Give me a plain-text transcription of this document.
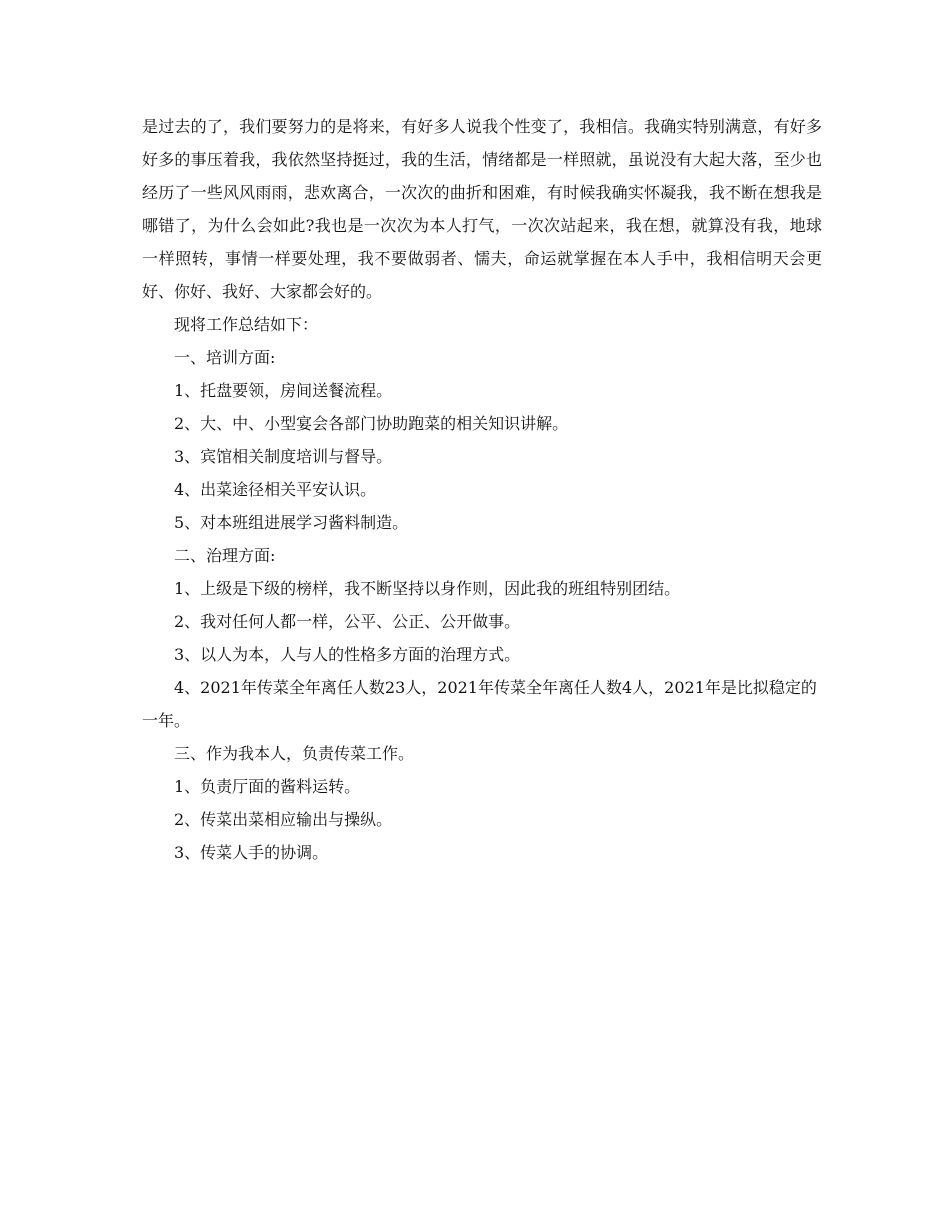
是过去的了，我们要努力的是将来，有好多人说我个性变了，我相信。我确实特别满意，有好多好多的事压着我，我依然坚持挺过，我的生活，情绪都是一样照就，虽说没有大起大落，至少也经历了一些风风雨雨，悲欢离合，一次次的曲折和困难，有时候我确实怀凝我，我不断在想我是哪错了，为什么会如此?我也是一次次为本人打气，一次次站起来，我在想，就算没有我，地球一样照转，事情一样要处理，我不要做弱者、懦夫，命运就掌握在本人手中，我相信明天会更好、你好、我好、大家都会好的。

现将工作总结如下：

一、培训方面:

1、托盘要领，房间送餐流程。

2、大、中、小型宴会各部门协助跑菜的相关知识讲解。

3、宾馆相关制度培训与督导。

4、出菜途径相关平安认识。

5、对本班组进展学习酱料制造。

二、治理方面:

1、上级是下级的榜样，我不断坚持以身作则，因此我的班组特别团结。

2、我对任何人都一样，公平、公正、公开做事。

3、以人为本，人与人的性格多方面的治理方式。

4、2021年传菜全年离任人数23人，2021年传菜全年离任人数4人，2021年是比拟稳定的一年。

三、作为我本人，负责传菜工作。

1、负责厅面的酱料运转。

2、传菜出菜相应输出与操纵。

3、传菜人手的协调。
